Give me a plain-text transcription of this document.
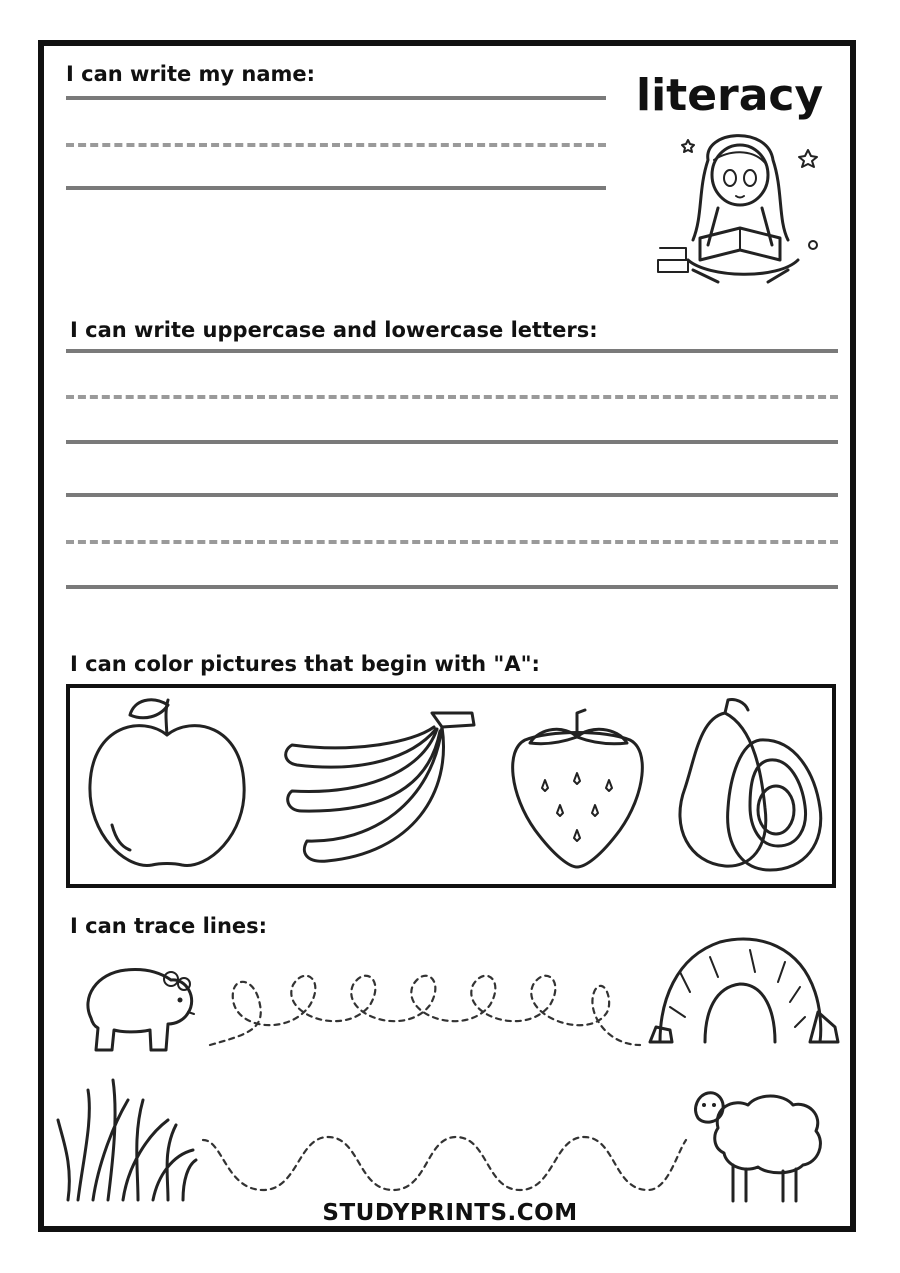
I can write my name:	literacy
I can write uppercase and lowercase letters:
I can color pictures that begin with "A":
I can trace lines:
STUDYPRINTS.COM
